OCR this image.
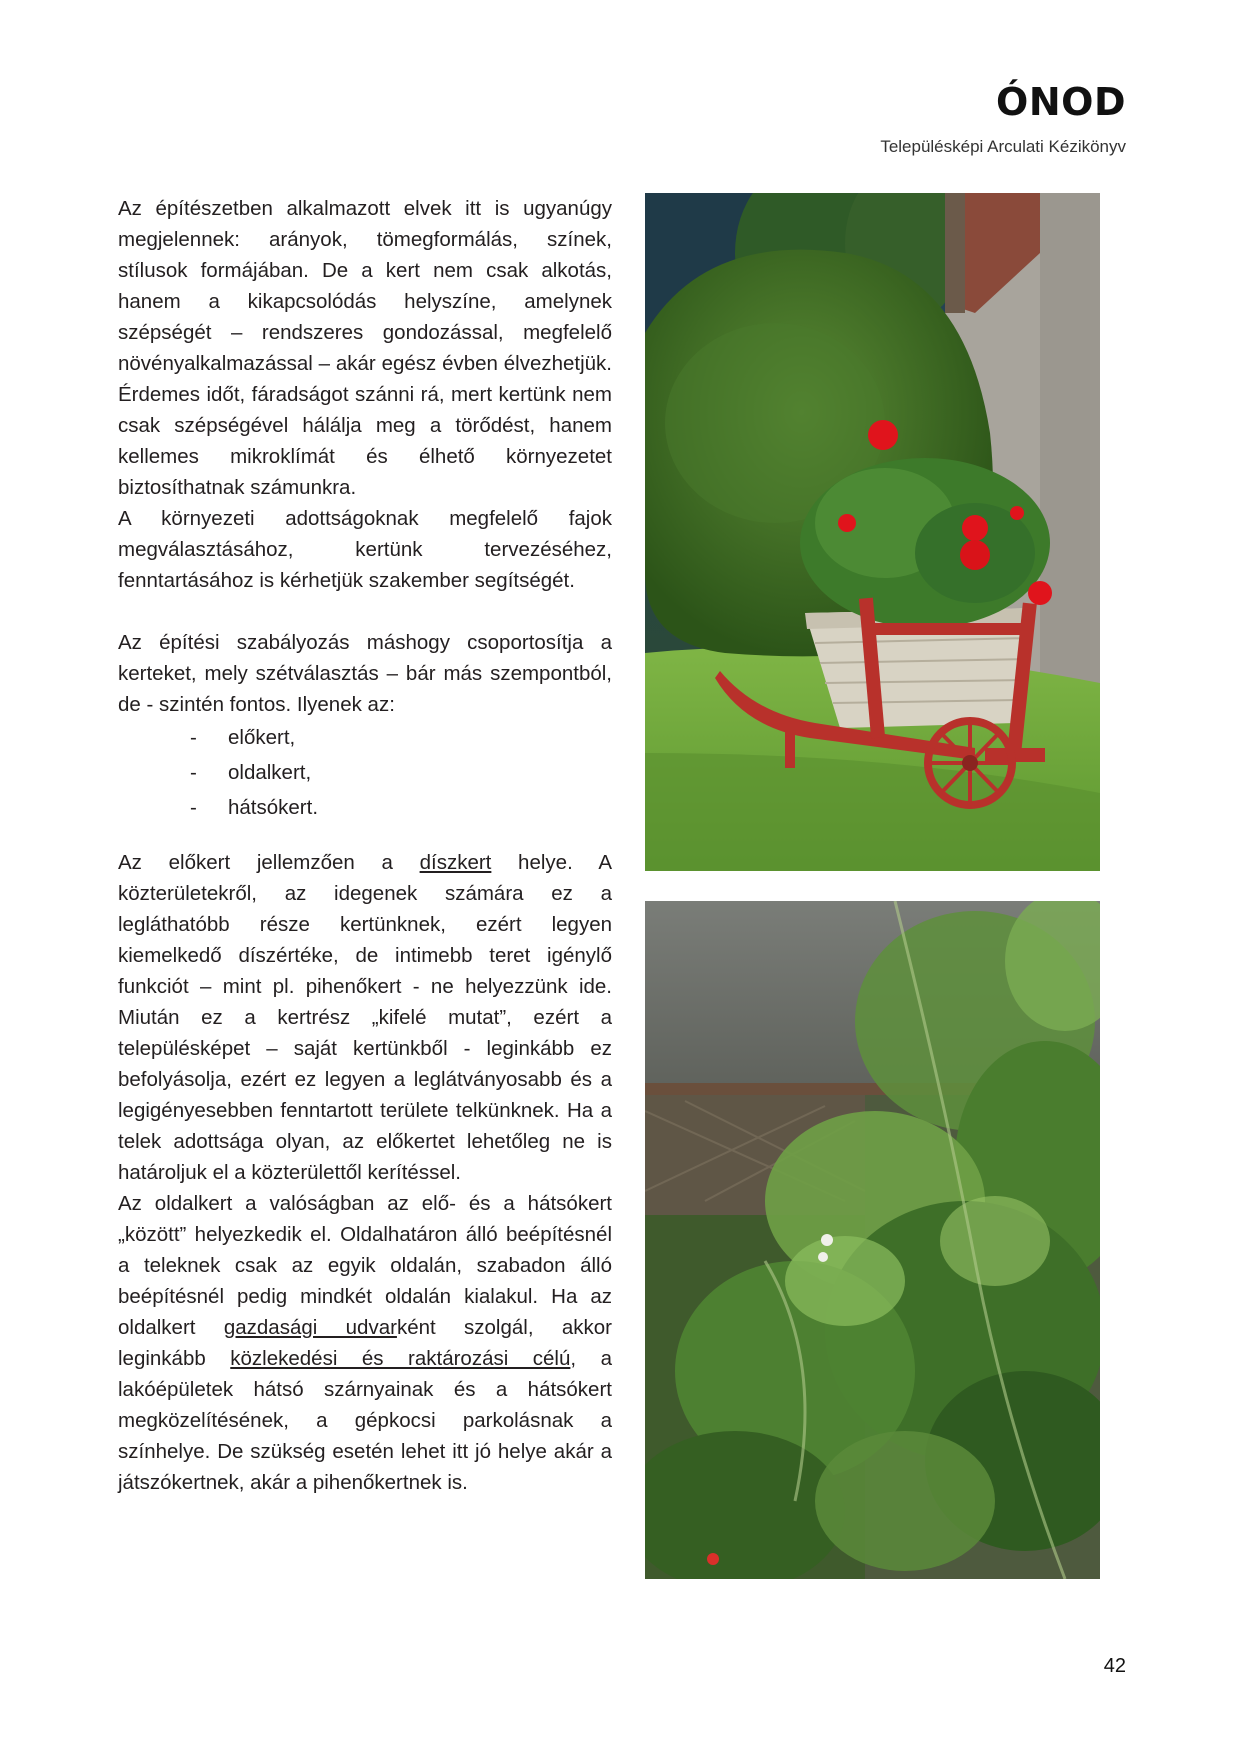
ÓNOD
Településképi Arculati Kézikönyv

Az építészetben alkalmazott elvek itt is ugyanúgy megjelennek: arányok, tömegformálás, színek, stílusok formájában. De a kert nem csak alkotás, hanem a kikapcsolódás helyszíne, amelynek szépségét – rendszeres gondozással, megfelelő növényalkalmazással – akár egész évben élvezhetjük. Érdemes időt, fáradságot szánni rá, mert kertünk nem csak szépségével hálálja meg a törődést, hanem kellemes mikroklímát és élhető környezetet biztosíthatnak számunkra.

A környezeti adottságoknak megfelelő fajok megválasztásához, kertünk tervezéséhez, fenntartásához is kérhetjük szakember segítségét.

Az építési szabályozás máshogy csoportosítja a kerteket, mely szétválasztás – bár más szempontból, de - szintén fontos. Ilyenek az:

- előkert,
- oldalkert,
- hátsókert.

Az előkert jellemzően a díszkert helye. A közterületekről, az idegenek számára ez a legláthatóbb része kertünknek, ezért legyen kiemelkedő díszértéke, de intimebb teret igénylő funkciót – mint pl. pihenőkert - ne helyezzünk ide. Miután ez a kertrész „kifelé mutat”, ezért a településképet – saját kertünkből - leginkább ez befolyásolja, ezért ez legyen a leglátványosabb és a legigényesebben fenntartott területe telkünknek. Ha a telek adottsága olyan, az előkertet lehetőleg ne is határoljuk el a közterülettől kerítéssel.

Az oldalkert a valóságban az elő- és a hátsókert „között” helyezkedik el. Oldalhatáron álló beépítésnél a teleknek csak az egyik oldalán, szabadon álló beépítésnél pedig mindkét oldalán kialakul. Ha az oldalkert gazdasági udvarként szolgál, akkor leginkább közlekedési és raktározási célú, a lakóépületek hátsó szárnyainak és a hátsókert megközelítésének, a gépkocsi parkolásnak a színhelye. De szükség esetén lehet itt jó helye akár a játszókertnek, akár a pihenőkertnek is.

42
